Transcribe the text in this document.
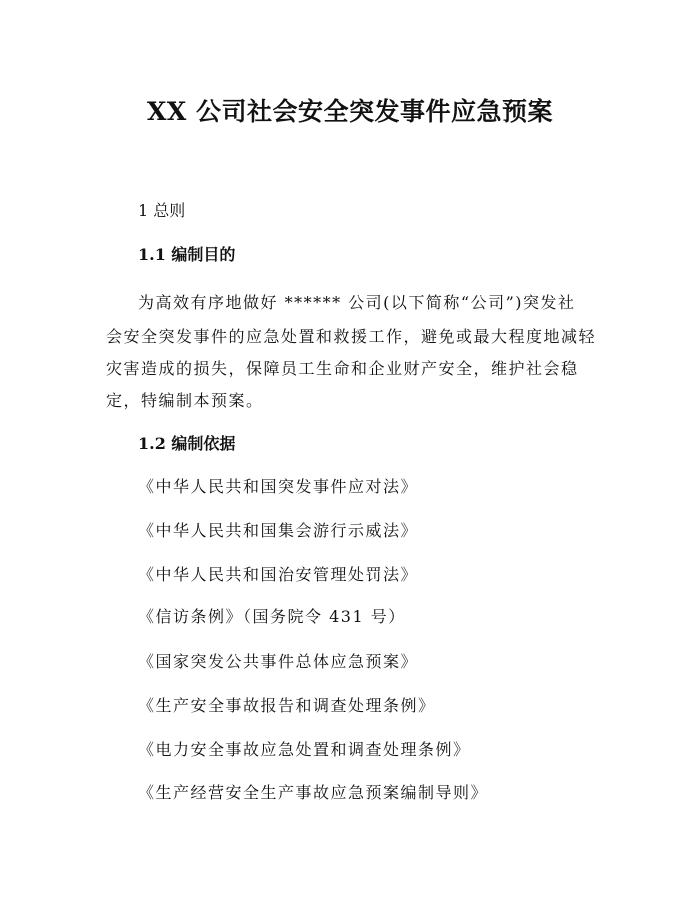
XX 公司社会安全突发事件应急预案
1 总则
1.1 编制目的
为高效有序地做好 ****** 公司(以下简称“公司”)突发社
会安全突发事件的应急处置和救援工作，避免或最大程度地减轻
灾害造成的损失，保障员工生命和企业财产安全，维护社会稳
定，特编制本预案。
1.2 编制依据
《中华人民共和国突发事件应对法》
《中华人民共和国集会游行示威法》
《中华人民共和国治安管理处罚法》
《信访条例》（国务院令 431 号）
《国家突发公共事件总体应急预案》
《生产安全事故报告和调查处理条例》
《电力安全事故应急处置和调查处理条例》
《生产经营安全生产事故应急预案编制导则》
